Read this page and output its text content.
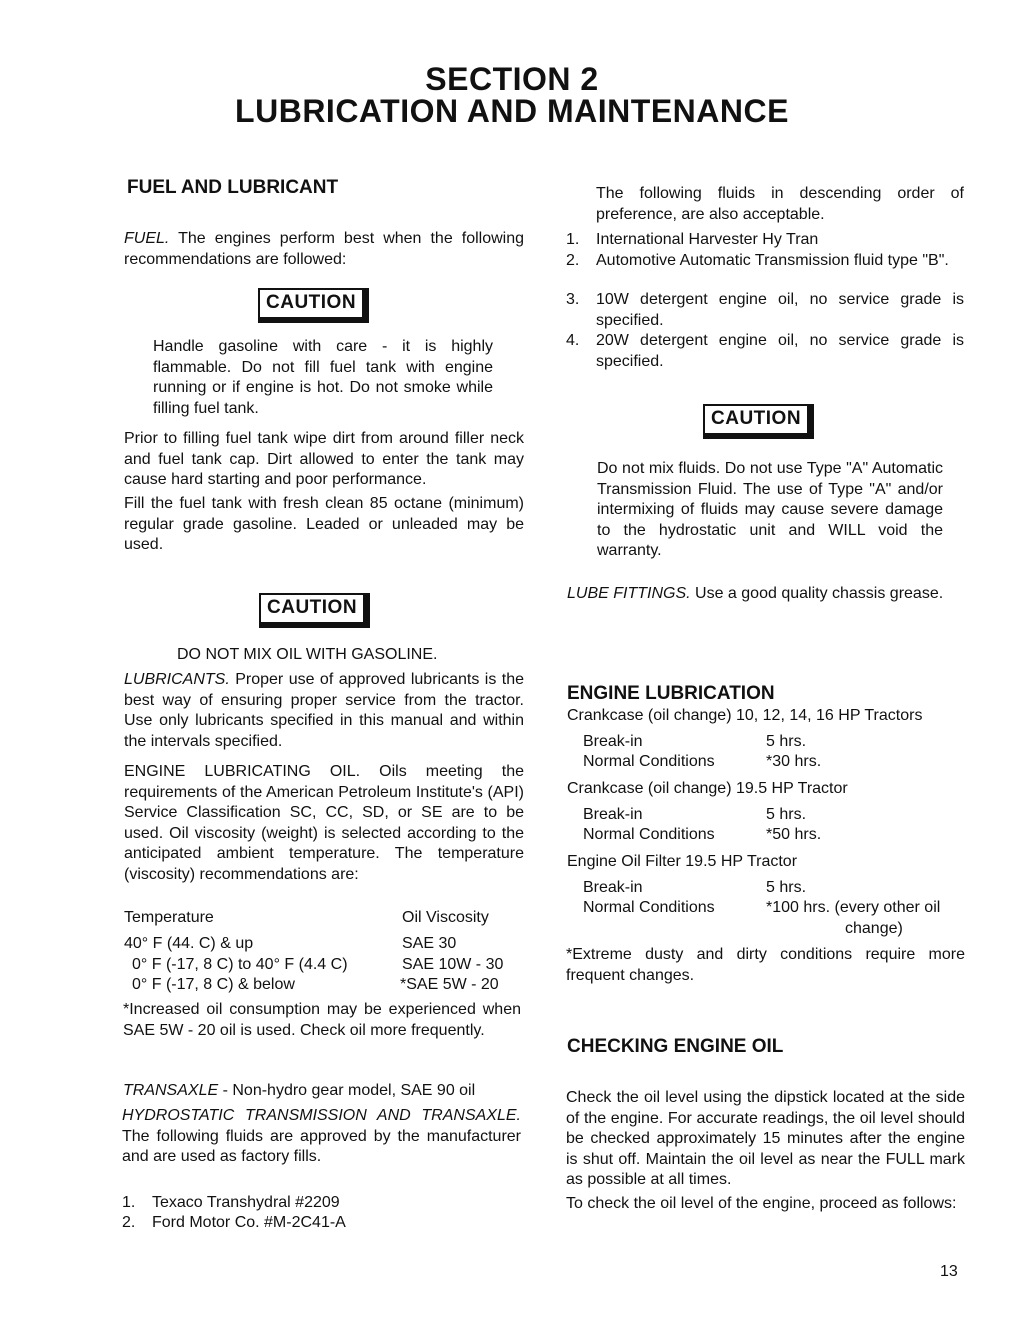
SECTION 2
LUBRICATION AND MAINTENANCE
FUEL AND LUBRICANT
FUEL. The engines perform best when the following recommendations are followed:
CAUTION
Handle gasoline with care - it is highly flammable. Do not fill fuel tank with engine running or if engine is hot. Do not smoke while filling fuel tank.
Prior to filling fuel tank wipe dirt from around filler neck and fuel tank cap. Dirt allowed to enter the tank may cause hard starting and poor performance.
Fill the fuel tank with fresh clean 85 octane (minimum) regular grade gasoline. Leaded or unleaded may be used.
CAUTION
DO NOT MIX OIL WITH GASOLINE.
LUBRICANTS. Proper use of approved lubricants is the best way of ensuring proper service from the tractor. Use only lubricants specified in this manual and within the intervals specified.
ENGINE LUBRICATING OIL. Oils meeting the requirements of the American Petroleum Institute's (API) Service Classification SC, CC, SD, or SE are to be used. Oil viscosity (weight) is selected according to the anticipated ambient temperature. The temperature (viscosity) recommendations are:
Temperature	Oil Viscosity
40° F (44. C) & up	SAE 30
0° F (-17, 8 C) to 40° F (4.4 C)	SAE 10W - 30
0° F (-17, 8 C) & below	*SAE 5W - 20
*Increased oil consumption may be experienced when SAE 5W - 20 oil is used. Check oil more frequently.
TRANSAXLE - Non-hydro gear model, SAE 90 oil
HYDROSTATIC TRANSMISSION AND TRANSAXLE. The following fluids are approved by the manufacturer and are used as factory fills.
1. Texaco Transhydral #2209
2. Ford Motor Co. #M-2C41-A
The following fluids in descending order of preference, are also acceptable.
1. International Harvester Hy Tran
2. Automotive Automatic Transmission fluid type "B".
3. 10W detergent engine oil, no service grade is specified.
4. 20W detergent engine oil, no service grade is specified.
CAUTION
Do not mix fluids. Do not use Type "A" Automatic Transmission Fluid. The use of Type "A" and/or intermixing of fluids may cause severe damage to the hydrostatic unit and WILL void the warranty.
LUBE FITTINGS. Use a good quality chassis grease.
ENGINE LUBRICATION
Crankcase (oil change) 10, 12, 14, 16 HP Tractors
Break-in	5 hrs.
Normal Conditions	*30 hrs.
Crankcase (oil change) 19.5 HP Tractor
Break-in	5 hrs.
Normal Conditions	*50 hrs.
Engine Oil Filter 19.5 HP Tractor
Break-in	5 hrs.
Normal Conditions	*100 hrs. (every other oil
change)
*Extreme dusty and dirty conditions require more frequent changes.
CHECKING ENGINE OIL
Check the oil level using the dipstick located at the side of the engine. For accurate readings, the oil level should be checked approximately 15 minutes after the engine is shut off. Maintain the oil level as near the FULL mark as possible at all times.
To check the oil level of the engine, proceed as follows:
13
